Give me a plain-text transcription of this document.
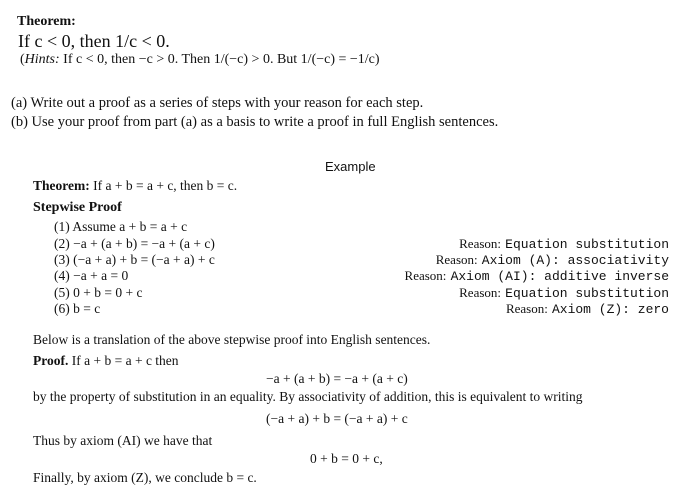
Theorem:
If c < 0, then 1/c < 0.
(Hints: If c < 0, then −c > 0. Then 1/(−c) > 0. But 1/(−c) = −1/c)
(a) Write out a proof as a series of steps with your reason for each step.
(b) Use your proof from part (a) as a basis to write a proof in full English sentences.
Example
Theorem: If a + b = a + c, then b = c.
Stepwise Proof
(1) Assume a + b = a + c
(2) −a + (a + b) = −a + (a + c)
(3) (−a + a) + b = (−a + a) + c
(4) −a + a = 0
(5) 0 + b = 0 + c
(6) b = c
Reason: Equation substitution
Reason: Axiom (A): associativity
Reason: Axiom (AI): additive inverse
Reason: Equation substitution
Reason: Axiom (Z): zero
Below is a translation of the above stepwise proof into English sentences.
Proof. If a + b = a + c then
−a + (a + b) = −a + (a + c)
by the property of substitution in an equality. By associativity of addition, this is equivalent to writing
(−a + a) + b = (−a + a) + c
Thus by axiom (AI) we have that
0 + b = 0 + c,
Finally, by axiom (Z), we conclude b = c.
